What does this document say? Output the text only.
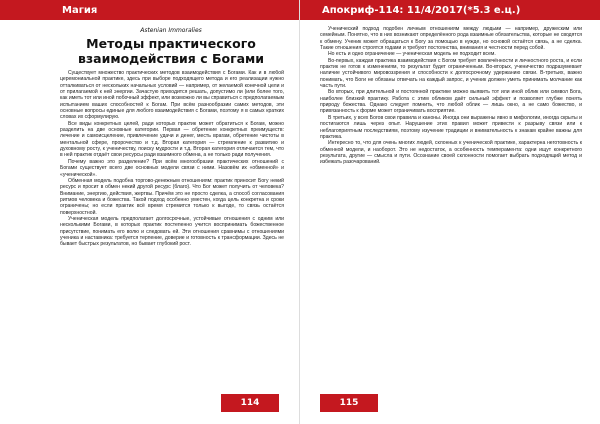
Магия
Astenian Immoralies
Методы практического взаимодействия с Богами

Существует множество практических методов взаимодействия с Богами. Как и в любой церемониальной практике, здесь при выборе подходящего метода и его реализации нужно отталкиваться от нескольких начальных условий — например, от желаемой конечной цели и от прилагаемой к ней энергии. Зачастую приходится решать, допустимо ли (или более того, как иметь тот или иной побочный эффект, или возможно ли вы справиться с предполагаемым испытанием ваших способностей к Богам. При всём разнообразии самих методов, эти основные вопросы единые для любого взаимодействия с Богами, поэтому я в самых кратких словах их сформулирую.

Все виды конкретных целей, ради которых практик может обратиться к Богам, можно разделить на две основные категории. Первая — обретение конкретных преимуществ: лечение и самоисцеление, привлечение удачи и денег, месть врагам, обретение чистоты в ментальной сфере, пророчество и т.д. Вторая категория — стремление к развитию и духовному росту, к ученичеству, поиску мудрости и т.д. Вторая категория отличается тем, что в ней практик отдаёт свои ресурсы ради взаимного обмена, а не только ради получения.

Почему важно это разделение? При всём многообразии практических отношений с Богами существует всего две основных модели связи с ними. Назовём их «обменной» и «ученической».

Обменная модель подобна торгово-денежным отношениям: практик приносит Богу некий ресурс и просит в обмен некий другой ресурс (благо). Что Бог может получить от человека? Внимание, энергию, действия, жертвы. Причём это не просто сделка, а способ согласования ритмов человека и божества. Такой подход особенно уместен, когда цель конкретна и сроки ограничены; но если практик всё время стремится только к выгоде, то связь остаётся поверхностной.

Ученическая модель предполагает долгосрочные, устойчивые отношения с одним или несколькими Богами, в которых практик постепенно учится воспринимать божественное присутствие, понимать его волю и следовать ей. Эти отношения сравнимы с отношениями ученика и наставника: требуется терпение, доверие и готовность к трансформации. Здесь не бывает быстрых результатов, но бывает глубокий рост.

114
Апокриф-114: 11/4/2017(*5.3 е.ц.)

Ученический подход подобен личным отношениям между людьми — например, дружеским или семейным. Понятно, что в них возникают определённого рода взаимные обязательства, которые не сводятся к обмену. Ученик может обращаться к Богу за помощью в нужде, но основой остаётся связь, а не сделка. Такие отношения строятся годами и требуют постоянства, внимания и честности перед собой.

Но есть и одно ограничение — ученическая модель не подходит всем.

Во-первых, каждая практика взаимодействия с Богом требует вовлечённости и личностного роста, и если практик не готов к изменениям, то результат будет ограниченным. Во-вторых, ученичество подразумевает наличие устойчивого мировоззрения и способности к долгосрочному удержанию связи. В-третьих, важно понимать, что Боги не обязаны отвечать на каждый запрос, и ученик должен уметь принимать молчание как часть пути.

Во вторых, при длительной и постоянной практике можно выявить тот или иной облик или символ Бога, наиболее близкий практику. Работа с этим обликом даёт сильный эффект и позволяет глубже понять природу божества. Однако следует помнить, что любой облик — лишь окно, а не само божество, и привязанность к форме может ограничивать восприятие.

В третьих, у всех Богов свои правила и каноны. Иногда они выражены явно в мифологии, иногда скрыты и постигаются лишь через опыт. Нарушение этих правил может привести к разрыву связи или к неблагоприятным последствиям, поэтому изучение традиции и внимательность к знакам крайне важны для практика.

Интересно то, что для очень многих людей, склонных к ученической практике, характерна неготовность к обменной модели, и наоборот. Это не недостаток, а особенность темперамента: одни ищут конкретного результата, другие — смысла и пути. Осознание своей склонности помогает выбрать подходящий метод и избежать разочарований.

115
